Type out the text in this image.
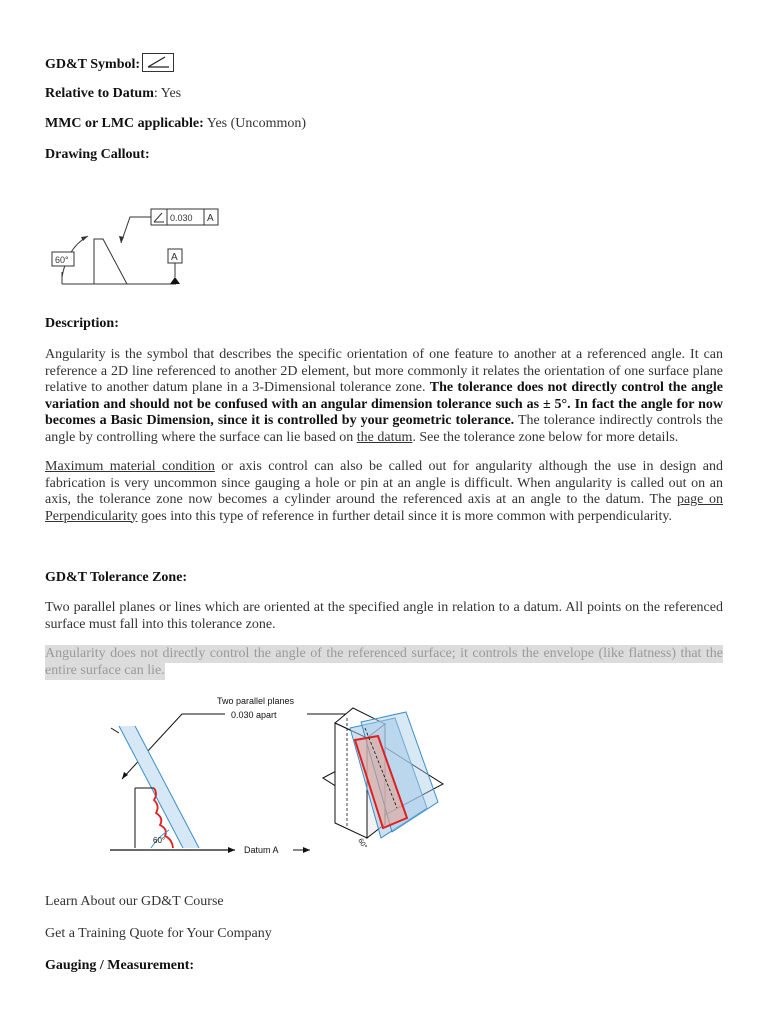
GD&T Symbol:

Relative to Datum: Yes

MMC or LMC applicable: Yes (Uncommon)

Drawing Callout:

0.030 A
60°	A

Description:

Angularity is the symbol that describes the specific orientation of one feature to another at a referenced angle. It can reference a 2D line referenced to another 2D element, but more commonly it relates the orientation of one surface plane relative to another datum plane in a 3-Dimensional tolerance zone. The tolerance does not directly control the angle variation and should not be confused with an angular dimension tolerance such as ± 5°. In fact the angle for now becomes a Basic Dimension, since it is controlled by your geometric tolerance. The tolerance indirectly controls the angle by controlling where the surface can lie based on the datum. See the tolerance zone below for more details.

Maximum material condition or axis control can also be called out for angularity although the use in design and fabrication is very uncommon since gauging a hole or pin at an angle is difficult. When angularity is called out on an axis, the tolerance zone now becomes a cylinder around the referenced axis at an angle to the datum. The page on Perpendicularity goes into this type of reference in further detail since it is more common with perpendicularity.

GD&T Tolerance Zone:

Two parallel planes or lines which are oriented at the specified angle in relation to a datum. All points on the referenced surface must fall into this tolerance zone.

Angularity does not directly control the angle of the referenced surface; it controls the envelope (like flatness) that the entire surface can lie.

Two parallel planes
0.030 apart
60°
Datum A	60°

Learn About our GD&T Course

Get a Training Quote for Your Company

Gauging / Measurement:
